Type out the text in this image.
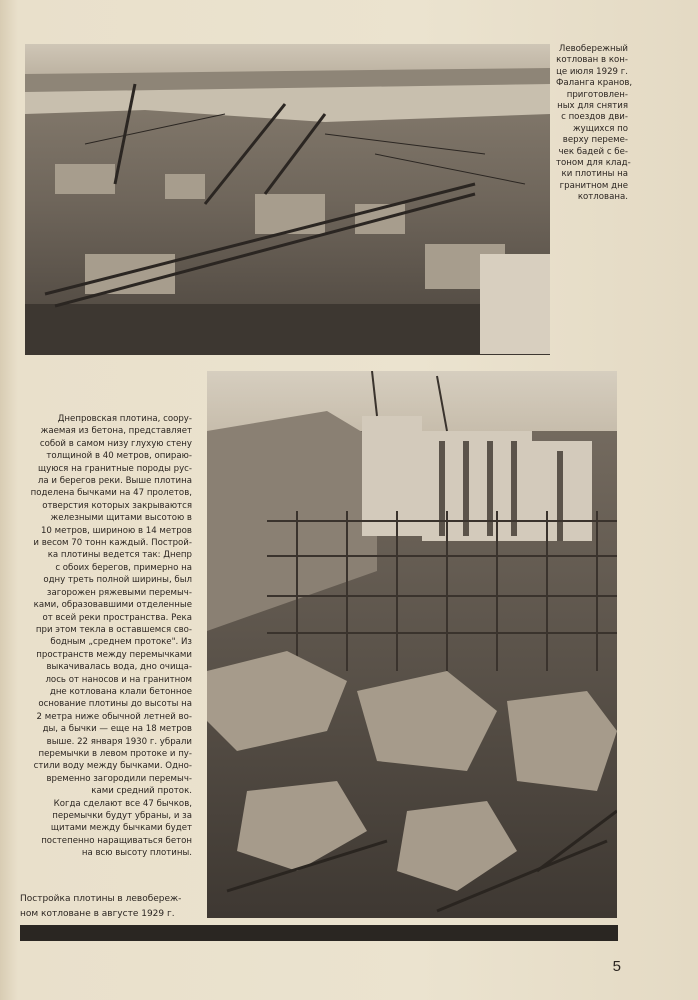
Левобережный
котлован в кон-
це июля 1929 г.
Фаланга кранов,
приготовлен-
ных для снятия
с поездов дви-
жущихся по
верху переме-
чек бадей с бе-
тоном для клад-
ки плотины на
гранитном дне
котлована.
Днепровская плотина, соору-
жаемая из бетона, представляет
собой в самом низу глухую стену
толщиной в 40 метров, опираю-
щуюся на гранитные породы рус-
ла и берегов реки. Выше плотина
поделена бычками на 47 пролетов,
отверстия которых закрываются
железными щитами высотою в
10 метров, шириною в 14 метров
и весом 70 тонн каждый. Построй-
ка плотины ведется так: Днепр
с обоих берегов, примерно на
одну треть полной ширины, был
загорожен ряжевыми перемыч-
ками, образовавшими отделенные
от всей реки пространства. Река
при этом текла в оставшемся сво-
бодным „среднем протоке". Из
пространств между перемычками
выкачивалась вода, дно очища-
лось от наносов и на гранитном
дне котлована клали бетонное
основание плотины до высоты на
2 метра ниже обычной летней во-
ды, а бычки — еще на 18 метров
выше. 22 января 1930 г. убрали
перемычки в левом протоке и пу-
стили воду между бычками. Одно-
временно загородили перемыч-
ками средний проток.
Когда сделают все 47 бычков,
перемычки будут убраны, и за
щитами между бычками будет
постепенно наращиваться бетон
на всю высоту плотины.
Постройка плотины в левобереж-
ном котловане в августе 1929 г.
5
